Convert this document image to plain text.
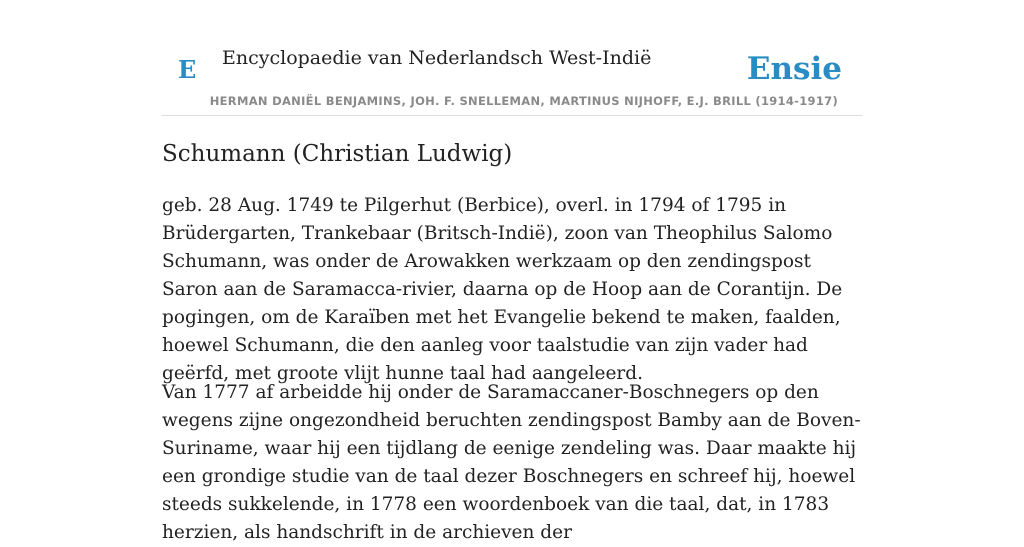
E Encyclopaedie van Nederlandsch West-Indië	Ensie
HERMAN DANIËL BENJAMINS, JOH. F. SNELLEMAN, MARTINUS NIJHOFF, E.J. BRILL (1914-1917)
Schumann (Christian Ludwig)

geb. 28 Aug. 1749 te Pilgerhut (Berbice), overl. in 1794 of 1795 in Brüdergarten, Trankebaar (Britsch-Indië), zoon van Theophilus Salomo Schumann, was onder de Arowakken werkzaam op den zendingspost Saron aan de Saramacca-rivier, daarna op de Hoop aan de Corantijn. De pogingen, om de Karaïben met het Evangelie bekend te maken, faalden, hoewel Schumann, die den aanleg voor taalstudie van zijn vader had geërfd, met groote vlijt hunne taal had aangeleerd.

Van 1777 af arbeidde hij onder de Saramaccaner-Boschnegers op den wegens zijne ongezondheid beruchten zendingspost Bamby aan de Boven-Suriname, waar hij een tijdlang de eenige zendeling was. Daar maakte hij een grondige studie van de taal dezer Boschnegers en schreef hij, hoewel steeds sukkelende, in 1778 een woordenboek van die taal, dat, in 1783 herzien, als handschrift in de archieven der
